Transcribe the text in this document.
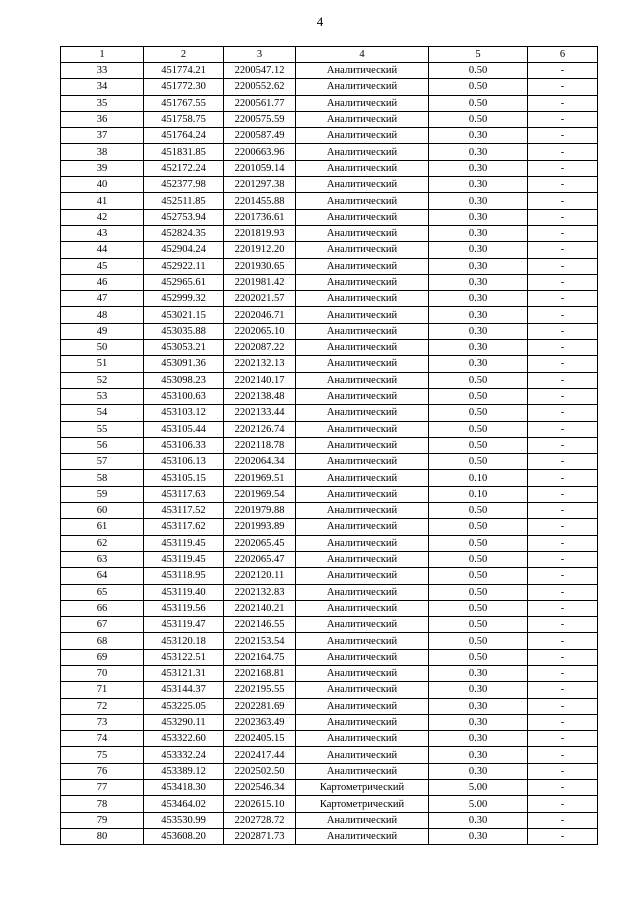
4
1	2	3	4	5	6
33	451774.21	2200547.12	Аналитический	0.50	-
34	451772.30	2200552.62	Аналитический	0.50	-
35	451767.55	2200561.77	Аналитический	0.50	-
36	451758.75	2200575.59	Аналитический	0.50	-
37	451764.24	2200587.49	Аналитический	0.30	-
38	451831.85	2200663.96	Аналитический	0.30	-
39	452172.24	2201059.14	Аналитический	0.30	-
40	452377.98	2201297.38	Аналитический	0.30	-
41	452511.85	2201455.88	Аналитический	0.30	-
42	452753.94	2201736.61	Аналитический	0.30	-
43	452824.35	2201819.93	Аналитический	0.30	-
44	452904.24	2201912.20	Аналитический	0.30	-
45	452922.11	2201930.65	Аналитический	0.30	-
46	452965.61	2201981.42	Аналитический	0.30	-
47	452999.32	2202021.57	Аналитический	0.30	-
48	453021.15	2202046.71	Аналитический	0.30	-
49	453035.88	2202065.10	Аналитический	0.30	-
50	453053.21	2202087.22	Аналитический	0.30	-
51	453091.36	2202132.13	Аналитический	0.30	-
52	453098.23	2202140.17	Аналитический	0.50	-
53	453100.63	2202138.48	Аналитический	0.50	-
54	453103.12	2202133.44	Аналитический	0.50	-
55	453105.44	2202126.74	Аналитический	0.50	-
56	453106.33	2202118.78	Аналитический	0.50	-
57	453106.13	2202064.34	Аналитический	0.50	-
58	453105.15	2201969.51	Аналитический	0.10	-
59	453117.63	2201969.54	Аналитический	0.10	-
60	453117.52	2201979.88	Аналитический	0.50	-
61	453117.62	2201993.89	Аналитический	0.50	-
62	453119.45	2202065.45	Аналитический	0.50	-
63	453119.45	2202065.47	Аналитический	0.50	-
64	453118.95	2202120.11	Аналитический	0.50	-
65	453119.40	2202132.83	Аналитический	0.50	-
66	453119.56	2202140.21	Аналитический	0.50	-
67	453119.47	2202146.55	Аналитический	0.50	-
68	453120.18	2202153.54	Аналитический	0.50	-
69	453122.51	2202164.75	Аналитический	0.50	-
70	453121.31	2202168.81	Аналитический	0.30	-
71	453144.37	2202195.55	Аналитический	0.30	-
72	453225.05	2202281.69	Аналитический	0.30	-
73	453290.11	2202363.49	Аналитический	0.30	-
74	453322.60	2202405.15	Аналитический	0.30	-
75	453332.24	2202417.44	Аналитический	0.30	-
76	453389.12	2202502.50	Аналитический	0.30	-
77	453418.30	2202546.34	Картометрический	5.00	-
78	453464.02	2202615.10	Картометрический	5.00	-
79	453530.99	2202728.72	Аналитический	0.30	-
80	453608.20	2202871.73	Аналитический	0.30	-
